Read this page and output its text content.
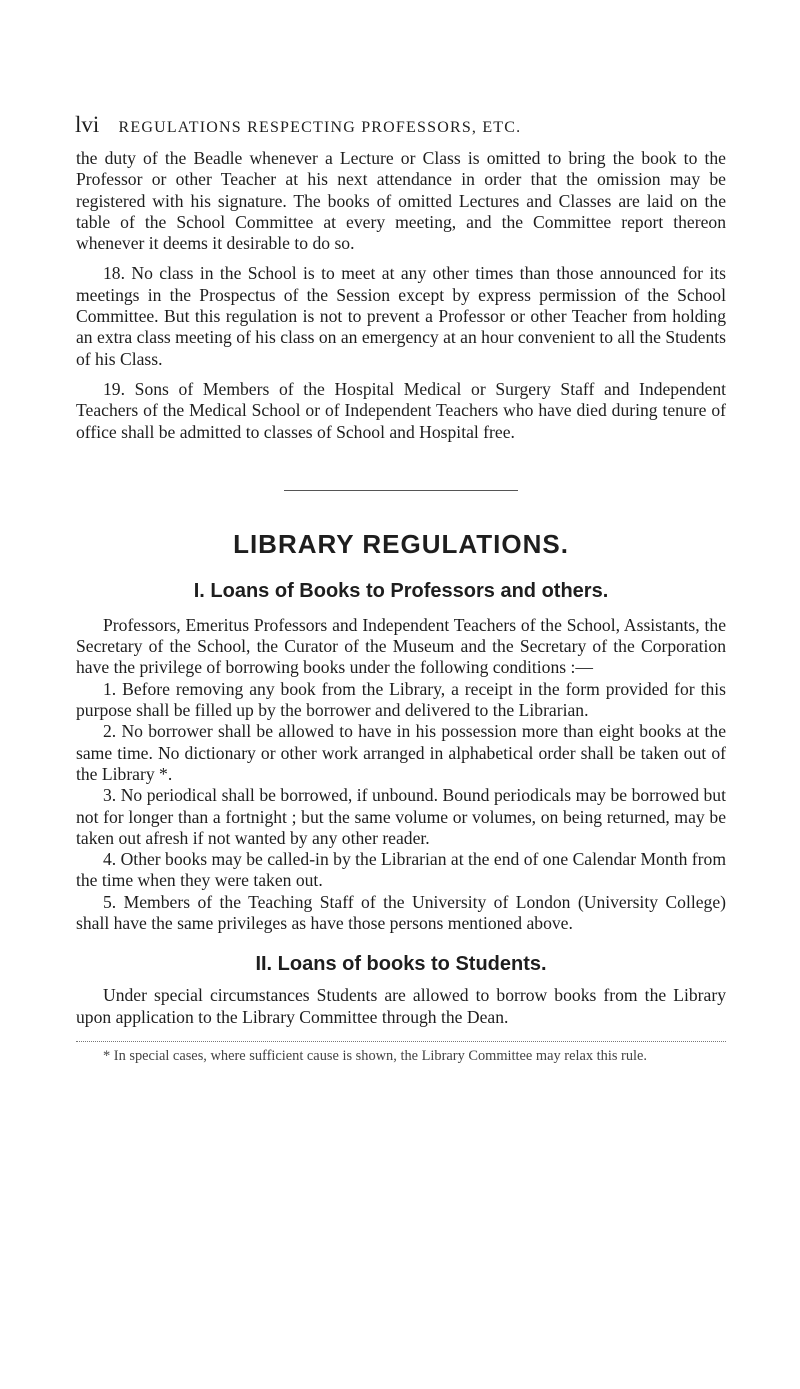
lvi REGULATIONS RESPECTING PROFESSORS, ETC.

the duty of the Beadle whenever a Lecture or Class is omitted to bring the book to the Professor or other Teacher at his next attendance in order that the omission may be registered with his signature. The books of omitted Lectures and Classes are laid on the table of the School Committee at every meeting, and the Committee report thereon whenever it deems it desirable to do so.

18. No class in the School is to meet at any other times than those announced for its meetings in the Prospectus of the Session except by express permission of the School Committee. But this regulation is not to prevent a Professor or other Teacher from holding an extra class meeting of his class on an emergency at an hour convenient to all the Students of his Class.

19. Sons of Members of the Hospital Medical or Surgery Staff and Independent Teachers of the Medical School or of Independent Teachers who have died during tenure of office shall be admitted to classes of School and Hospital free.

LIBRARY REGULATIONS.
I. Loans of Books to Professors and others.

Professors, Emeritus Professors and Independent Teachers of the School, Assistants, the Secretary of the School, the Curator of the Museum and the Secretary of the Corporation have the privilege of borrowing books under the following conditions :—

1. Before removing any book from the Library, a receipt in the form provided for this purpose shall be filled up by the borrower and delivered to the Librarian.

2. No borrower shall be allowed to have in his possession more than eight books at the same time. No dictionary or other work arranged in alphabetical order shall be taken out of the Library *.

3. No periodical shall be borrowed, if unbound. Bound periodicals may be borrowed but not for longer than a fortnight ; but the same volume or volumes, on being returned, may be taken out afresh if not wanted by any other reader.

4. Other books may be called-in by the Librarian at the end of one Calendar Month from the time when they were taken out.

5. Members of the Teaching Staff of the University of London (University College) shall have the same privileges as have those persons mentioned above.

II. Loans of books to Students.

Under special circumstances Students are allowed to borrow books from the Library upon application to the Library Committee through the Dean.

* In special cases, where sufficient cause is shown, the Library Committee may relax this rule.
